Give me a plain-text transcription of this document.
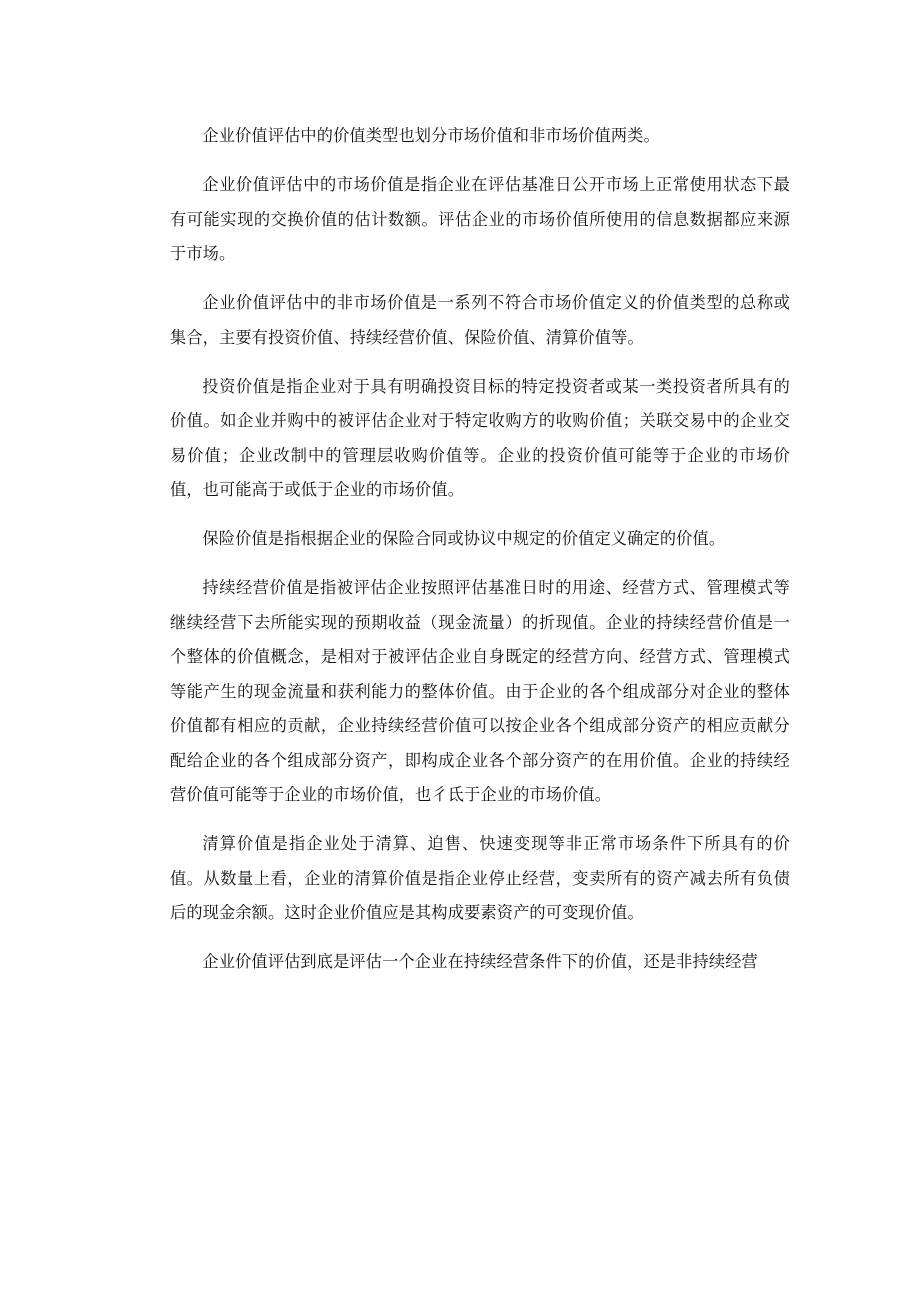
企业价值评估中的价值类型也划分市场价值和非市场价值两类。

企业价值评估中的市场价值是指企业在评估基准日公开市场上正常使用状态下最有可能实现的交换价值的估计数额。评估企业的市场价值所使用的信息数据都应来源于市场。

企业价值评估中的非市场价值是一系列不符合市场价值定义的价值类型的总称或集合，主要有投资价值、持续经营价值、保险价值、清算价值等。

投资价值是指企业对于具有明确投资目标的特定投资者或某一类投资者所具有的价值。如企业并购中的被评估企业对于特定收购方的收购价值；关联交易中的企业交易价值；企业改制中的管理层收购价值等。企业的投资价值可能等于企业的市场价值，也可能高于或低于企业的市场价值。

保险价值是指根据企业的保险合同或协议中规定的价值定义确定的价值。

持续经营价值是指被评估企业按照评估基准日时的用途、经营方式、管理模式等继续经营下去所能实现的预期收益（现金流量）的折现值。企业的持续经营价值是一个整体的价值概念，是相对于被评估企业自身既定的经营方向、经营方式、管理模式等能产生的现金流量和获利能力的整体价值。由于企业的各个组成部分对企业的整体价值都有相应的贡献，企业持续经营价值可以按企业各个组成部分资产的相应贡献分配给企业的各个组成部分资产，即构成企业各个部分资产的在用价值。企业的持续经营价值可能等于企业的市场价值，也彳氐于企业的市场价值。

清算价值是指企业处于清算、迫售、快速变现等非正常市场条件下所具有的价值。从数量上看，企业的清算价值是指企业停止经营，变卖所有的资产减去所有负债后的现金余额。这时企业价值应是其构成要素资产的可变现价值。

企业价值评估到底是评估一个企业在持续经营条件下的价值，还是非持续经营
